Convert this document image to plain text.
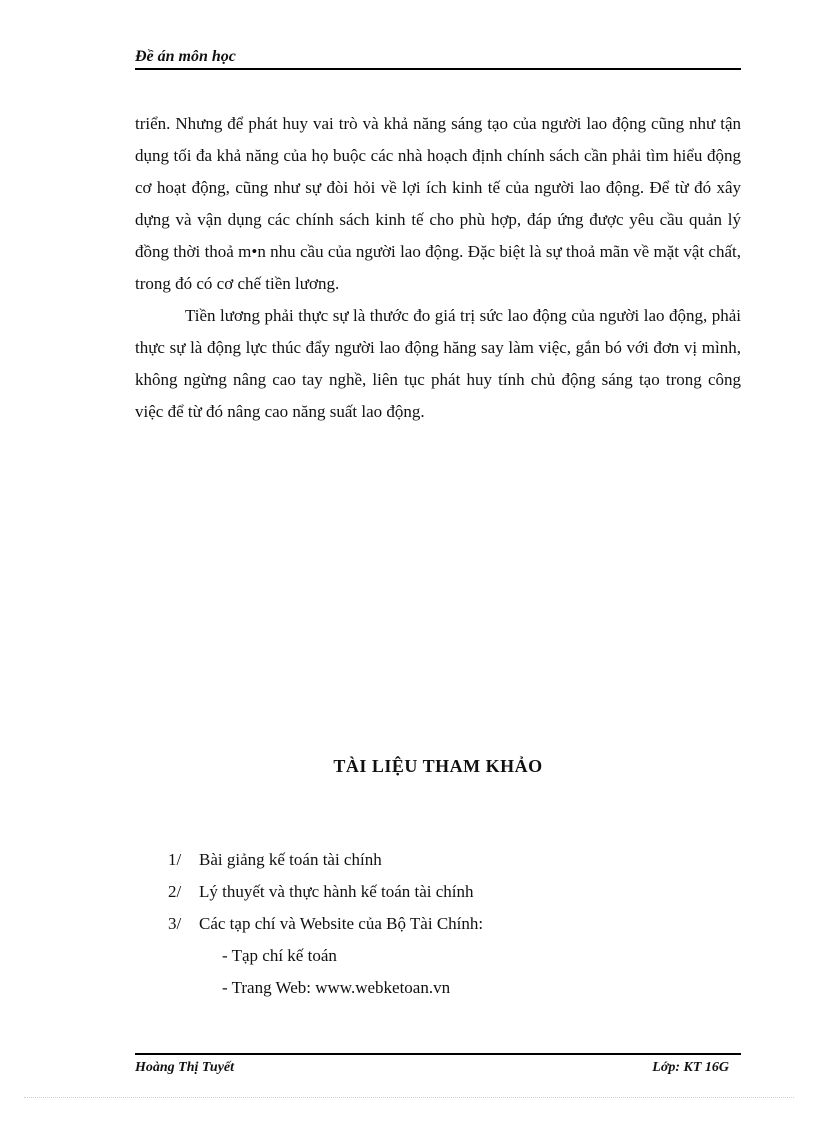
Đề án môn học

triển. Nhưng để phát huy vai trò và khả năng sáng tạo của người lao động cũng như tận dụng tối đa khả năng của họ buộc các nhà hoạch định chính sách cần phải tìm hiểu động cơ hoạt động, cũng như sự đòi hỏi về lợi ích kinh tế của người lao động. Để từ đó xây dựng và vận dụng các chính sách kinh tế cho phù hợp, đáp ứng được yêu cầu quản lý đồng thời thoả m•n nhu cầu của người lao động. Đặc biệt là sự thoả mãn về mặt vật chất, trong đó có cơ chế tiền lương.

Tiền lương phải thực sự là thước đo giá trị sức lao động của người lao động, phải thực sự là động lực thúc đẩy người lao động hăng say làm việc, gắn bó với đơn vị mình, không ngừng nâng cao tay nghề, liên tục phát huy tính chủ động sáng tạo trong công việc để từ đó nâng cao năng suất lao động.

TÀI LIỆU THAM KHẢO
1/	Bài giảng kế toán tài chính
2/	Lý thuyết và thực hành kế toán tài chính
3/	Các tạp chí và Website của Bộ Tài Chính:
- Tạp chí kế toán
- Trang Web: www.webketoan.vn
Hoàng Thị Tuyết	Lớp: KT 16G
